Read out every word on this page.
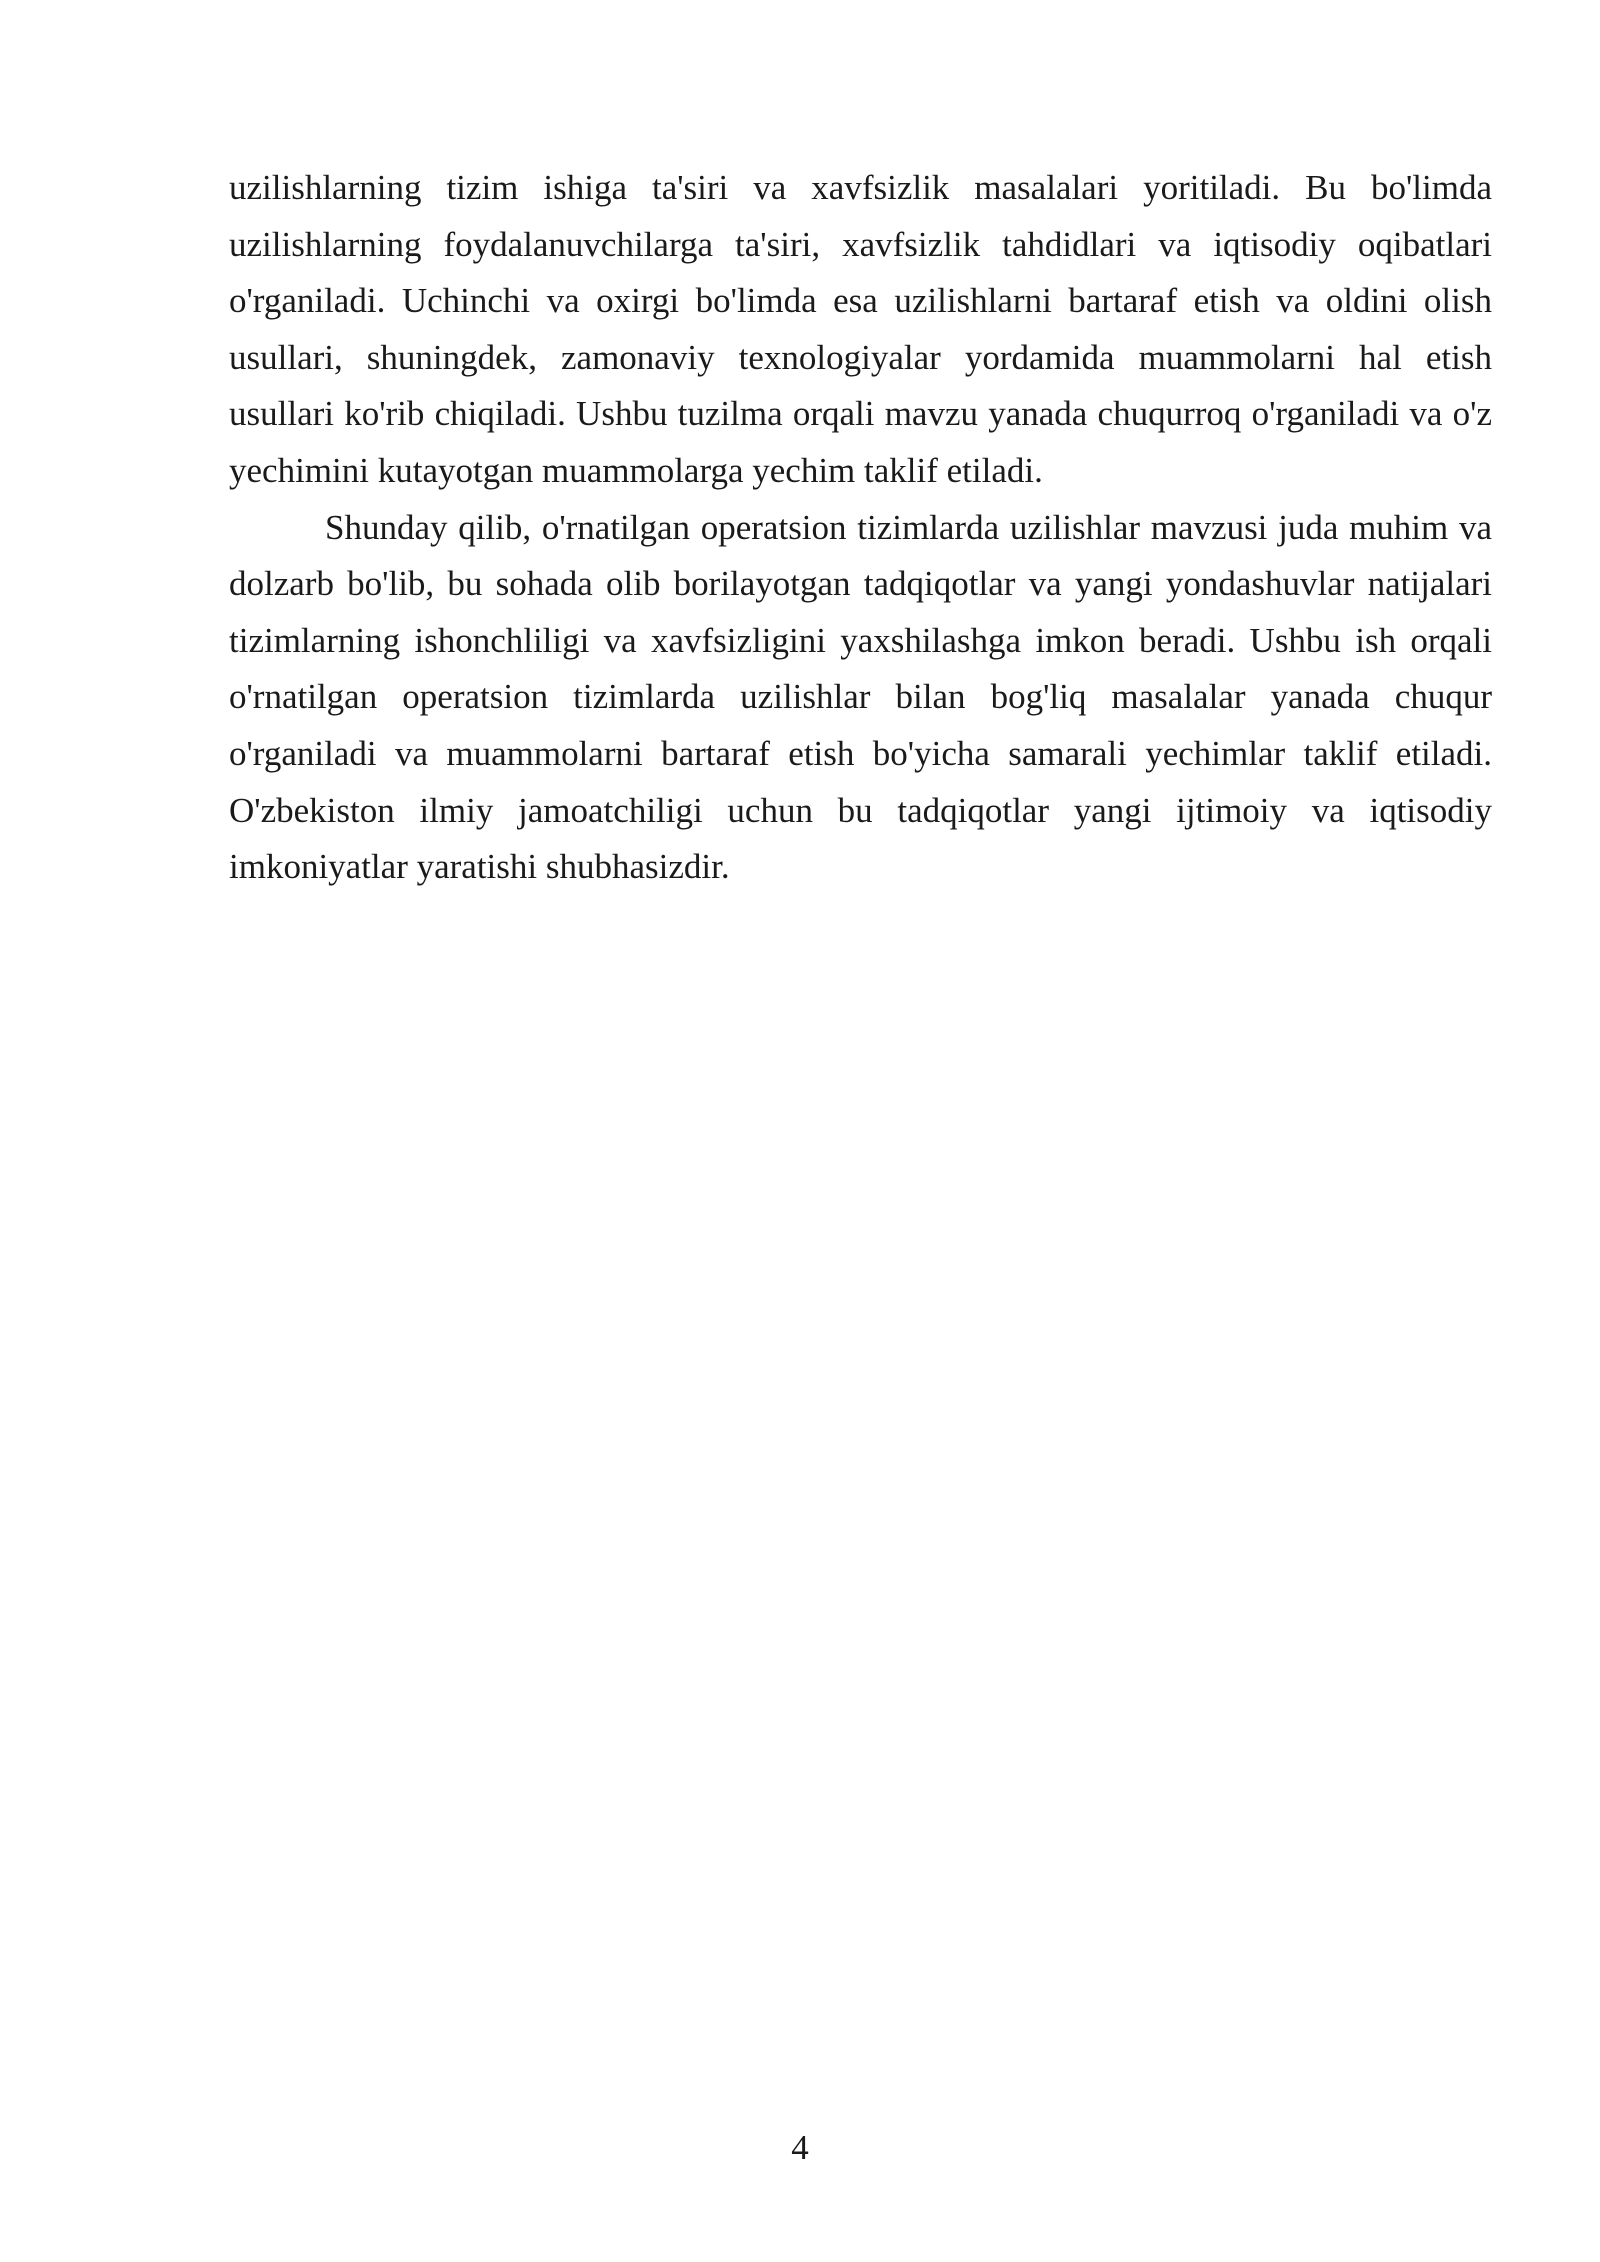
uzilishlarning tizim ishiga ta'siri va xavfsizlik masalalari yoritiladi. Bu bo'limda uzilishlarning foydalanuvchilarga ta'siri, xavfsizlik tahdidlari va iqtisodiy oqibatlari o'rganiladi. Uchinchi va oxirgi bo'limda esa uzilishlarni bartaraf etish va oldini olish usullari, shuningdek, zamonaviy texnologiyalar yordamida muammolarni hal etish usullari ko'rib chiqiladi. Ushbu tuzilma orqali mavzu yanada chuqurroq o'rganiladi va o'z yechimini kutayotgan muammolarga yechim taklif etiladi.

Shunday qilib, o'rnatilgan operatsion tizimlarda uzilishlar mavzusi juda muhim va dolzarb bo'lib, bu sohada olib borilayotgan tadqiqotlar va yangi yondashuvlar natijalari tizimlarning ishonchliligi va xavfsizligini yaxshilashga imkon beradi. Ushbu ish orqali o'rnatilgan operatsion tizimlarda uzilishlar bilan bog'liq masalalar yanada chuqur o'rganiladi va muammolarni bartaraf etish bo'yicha samarali yechimlar taklif etiladi. O'zbekiston ilmiy jamoatchiligi uchun bu tadqiqotlar yangi ijtimoiy va iqtisodiy imkoniyatlar yaratishi shubhasizdir.

4
